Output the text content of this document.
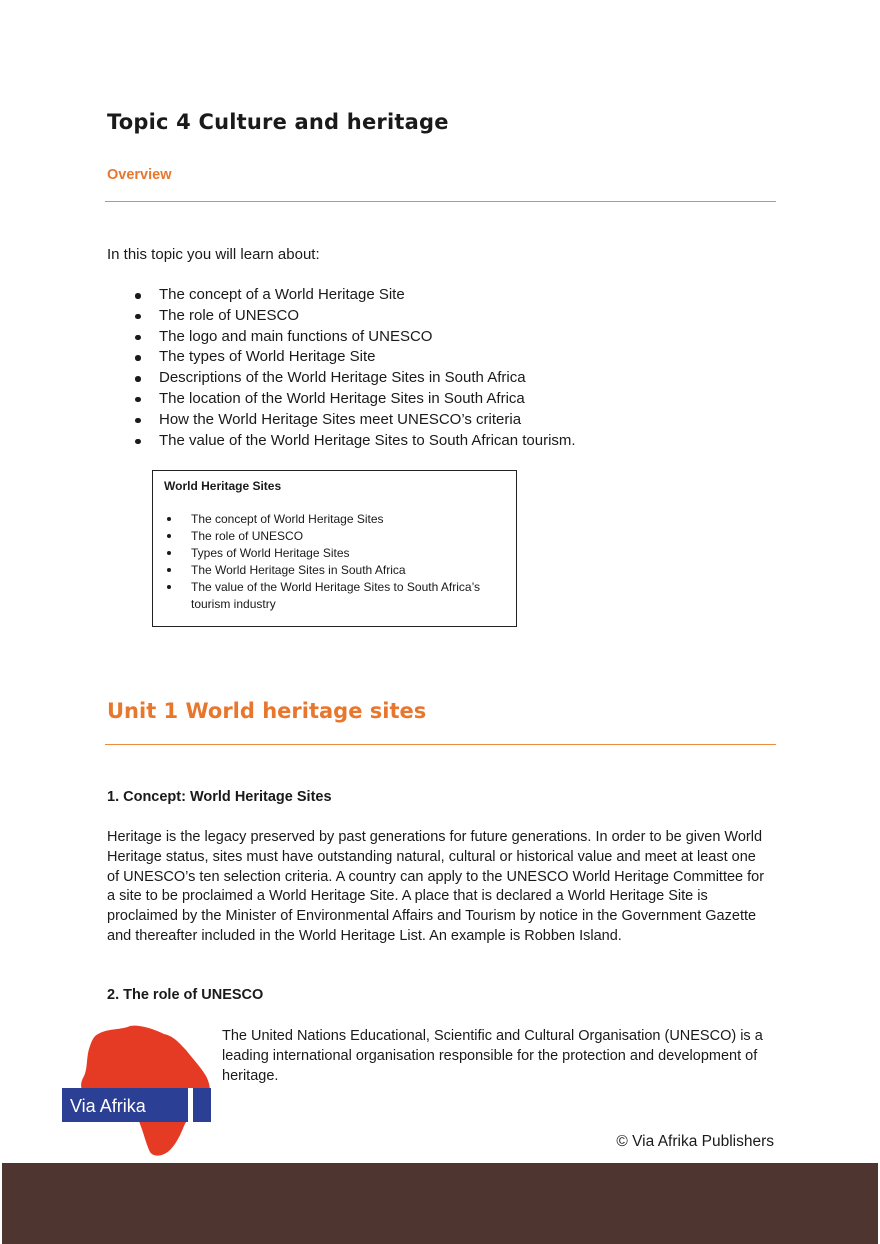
Topic 4 Culture and heritage
Overview

In this topic you will learn about:

The concept of a World Heritage Site
The role of UNESCO
The logo and main functions of UNESCO
The types of World Heritage Site
Descriptions of the World Heritage Sites in South Africa
The location of the World Heritage Sites in South Africa
How the World Heritage Sites meet UNESCO’s criteria
The value of the World Heritage Sites to South African tourism.
World Heritage Sites
The concept of World Heritage Sites
The role of UNESCO
Types of World Heritage Sites
The World Heritage Sites in South Africa
The value of the World Heritage Sites to South Africa’s tourism industry
Unit 1 World heritage sites
1. Concept: World Heritage Sites

Heritage is the legacy preserved by past generations for future generations. In order to be given World Heritage status, sites must have outstanding natural, cultural or historical value and meet at least one of UNESCO’s ten selection criteria. A country can apply to the UNESCO World Heritage Committee for a site to be proclaimed a World Heritage Site. A place that is declared a World Heritage Site is proclaimed by the Minister of Environmental Affairs and Tourism by notice in the Government Gazette and thereafter included in the World Heritage List. An example is Robben Island.

2. The role of UNESCO

The United Nations Educational, Scientific and Cultural Organisation (UNESCO) is a leading international organisation responsible for the protection and development of heritage.

Via Afrika

© Via Afrika Publishers
